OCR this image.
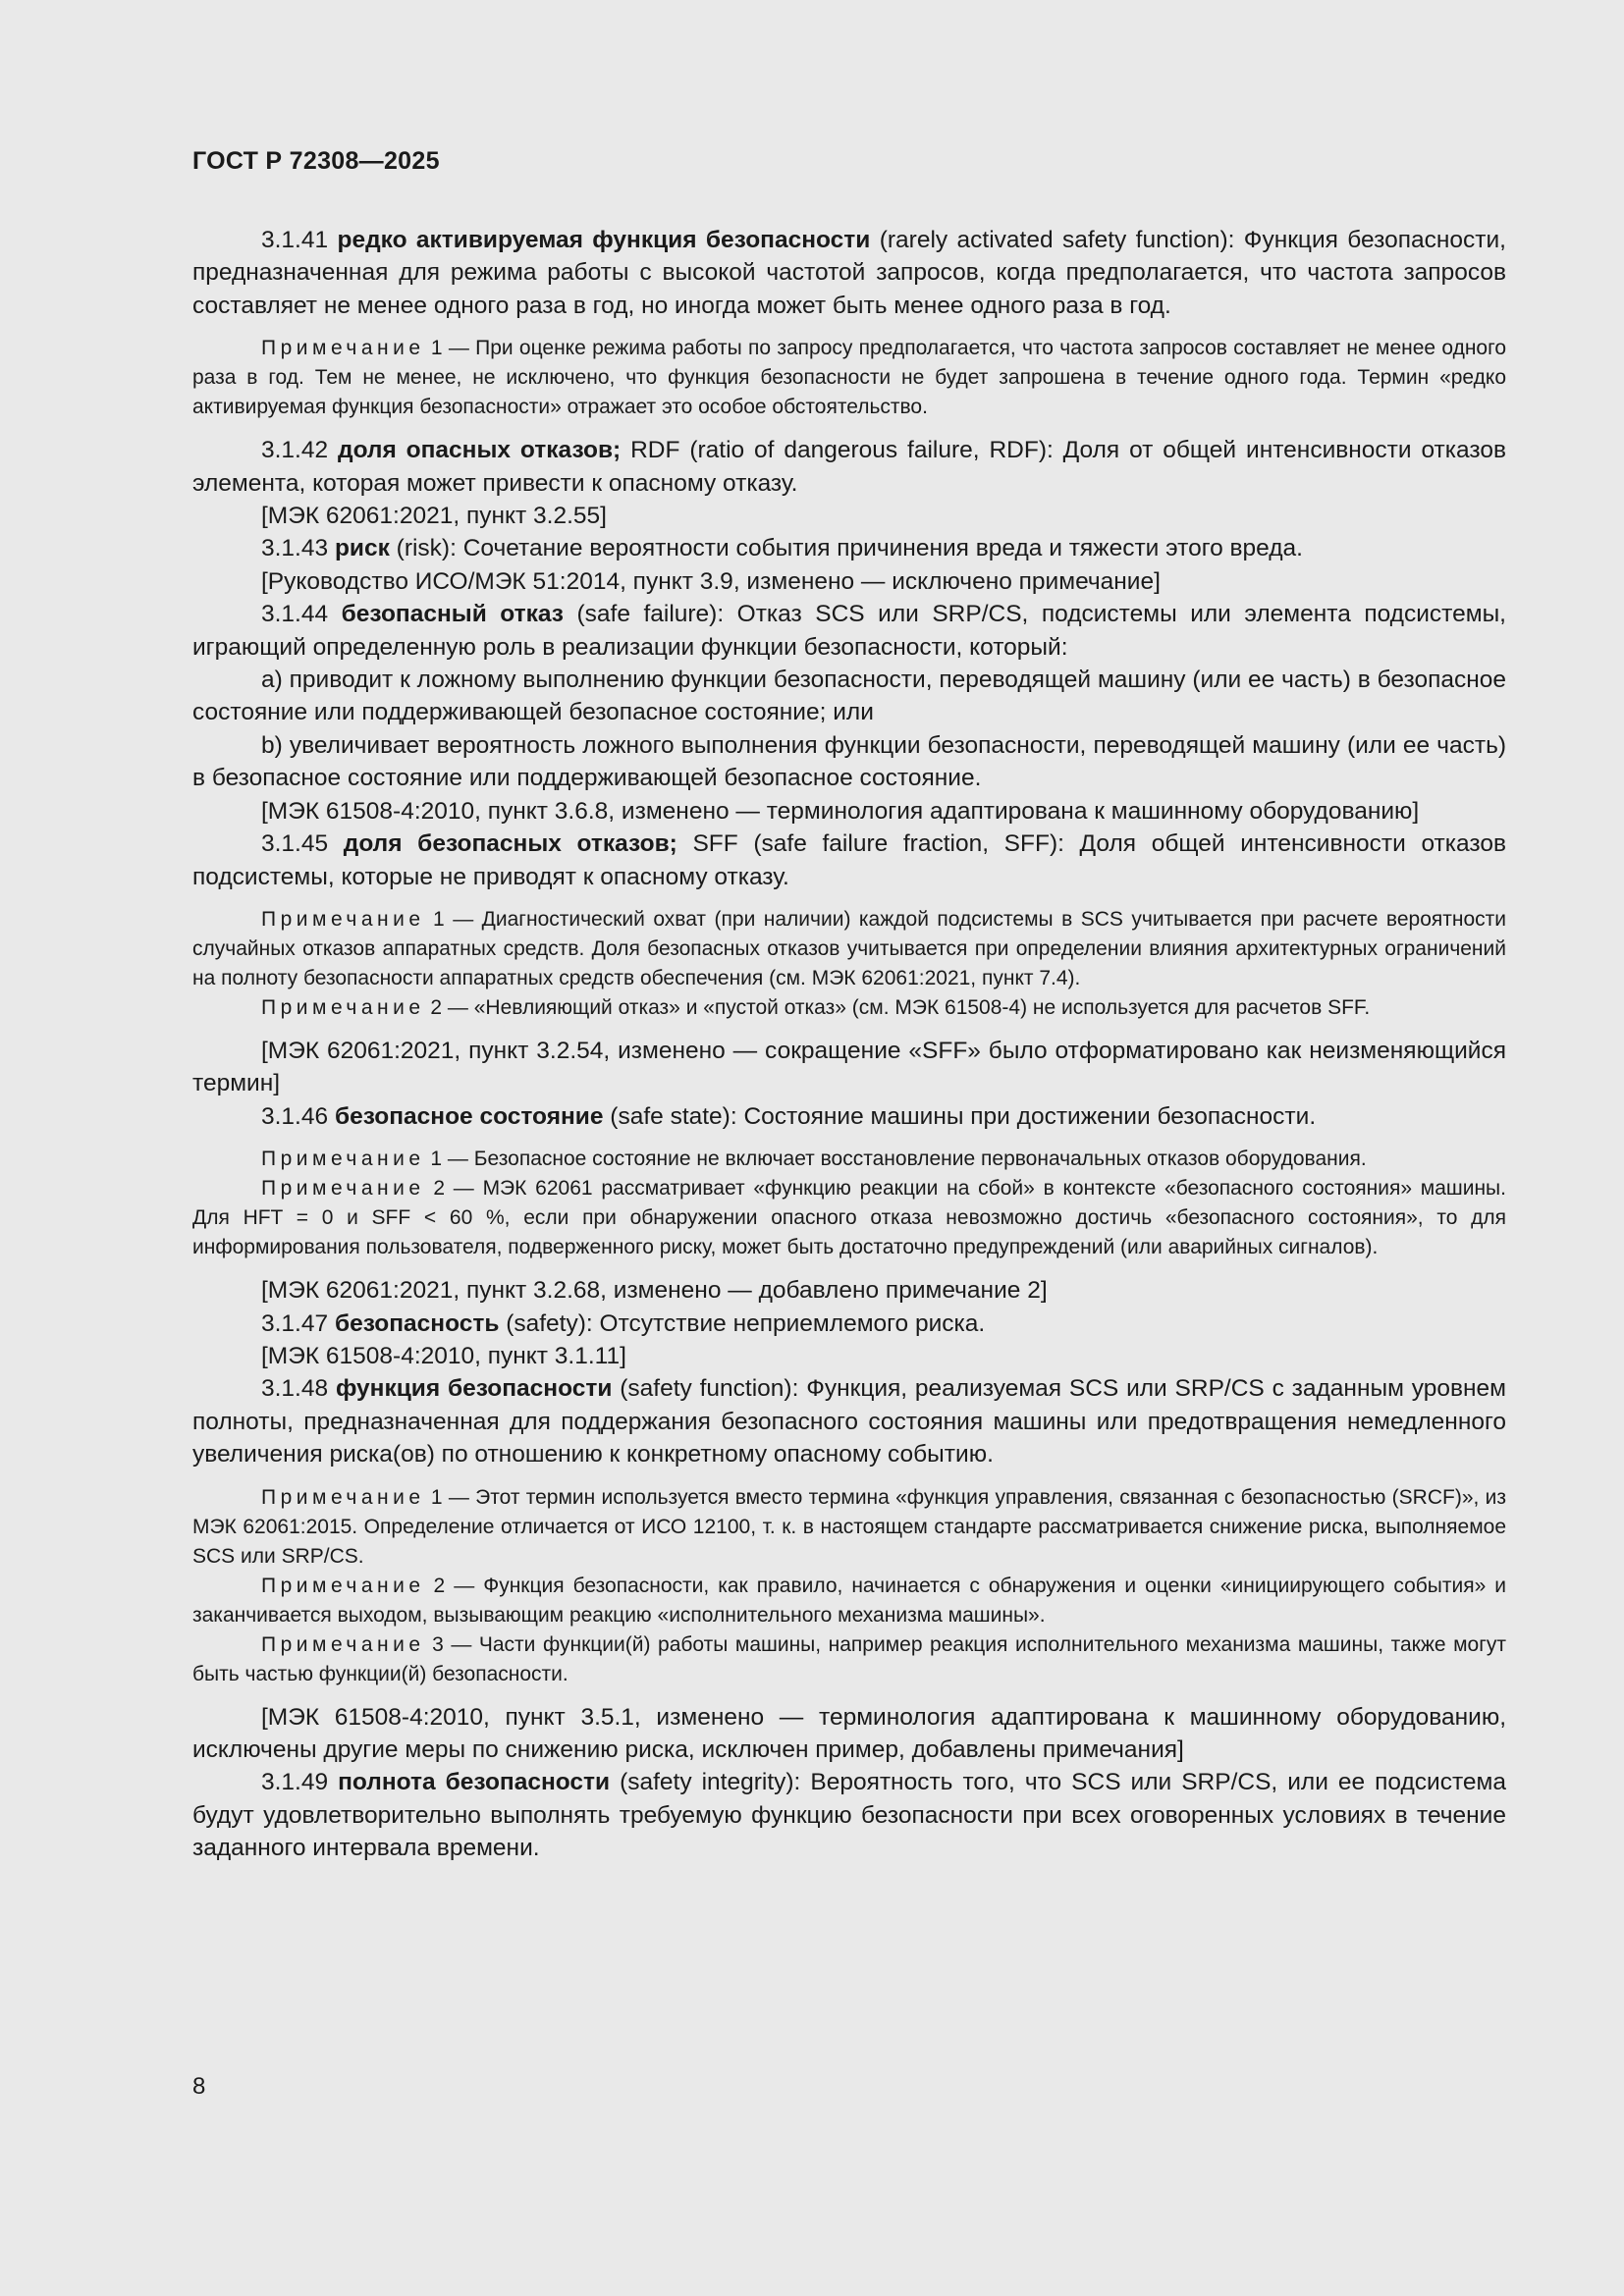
ГОСТ Р 72308—2025

3.1.41 редко активируемая функция безопасности (rarely activated safety function): Функция безопасности, предназначенная для режима работы с высокой частотой запросов, когда предполагается, что частота запросов составляет не менее одного раза в год, но иногда может быть менее одного раза в год.

Примечание 1 — При оценке режима работы по запросу предполагается, что частота запросов составляет не менее одного раза в год. Тем не менее, не исключено, что функция безопасности не будет запрошена в течение одного года. Термин «редко активируемая функция безопасности» отражает это особое обстоятельство.

3.1.42 доля опасных отказов; RDF (ratio of dangerous failure, RDF): Доля от общей интенсивности отказов элемента, которая может привести к опасному отказу.

[МЭК 62061:2021, пункт 3.2.55]

3.1.43 риск (risk): Сочетание вероятности события причинения вреда и тяжести этого вреда.

[Руководство ИСО/МЭК 51:2014, пункт 3.9, изменено — исключено примечание]

3.1.44 безопасный отказ (safe failure): Отказ SCS или SRP/CS, подсистемы или элемента подсистемы, играющий определенную роль в реализации функции безопасности, который:

a) приводит к ложному выполнению функции безопасности, переводящей машину (или ее часть) в безопасное состояние или поддерживающей безопасное состояние; или

b) увеличивает вероятность ложного выполнения функции безопасности, переводящей машину (или ее часть) в безопасное состояние или поддерживающей безопасное состояние.

[МЭК 61508-4:2010, пункт 3.6.8, изменено — терминология адаптирована к машинному оборудованию]

3.1.45 доля безопасных отказов; SFF (safe failure fraction, SFF): Доля общей интенсивности отказов подсистемы, которые не приводят к опасному отказу.

Примечание 1 — Диагностический охват (при наличии) каждой подсистемы в SCS учитывается при расчете вероятности случайных отказов аппаратных средств. Доля безопасных отказов учитывается при определении влияния архитектурных ограничений на полноту безопасности аппаратных средств обеспечения (см. МЭК 62061:2021, пункт 7.4).

Примечание 2 — «Невлияющий отказ» и «пустой отказ» (см. МЭК 61508-4) не используется для расчетов SFF.

[МЭК 62061:2021, пункт 3.2.54, изменено — сокращение «SFF» было отформатировано как неизменяющийся термин]

3.1.46 безопасное состояние (safe state): Состояние машины при достижении безопасности.

Примечание 1 — Безопасное состояние не включает восстановление первоначальных отказов оборудования.

Примечание 2 — МЭК 62061 рассматривает «функцию реакции на сбой» в контексте «безопасного состояния» машины. Для HFT = 0 и SFF < 60 %, если при обнаружении опасного отказа невозможно достичь «безопасного состояния», то для информирования пользователя, подверженного риску, может быть достаточно предупреждений (или аварийных сигналов).

[МЭК 62061:2021, пункт 3.2.68, изменено — добавлено примечание 2]

3.1.47 безопасность (safety): Отсутствие неприемлемого риска.

[МЭК 61508-4:2010, пункт 3.1.11]

3.1.48 функция безопасности (safety function): Функция, реализуемая SCS или SRP/CS с заданным уровнем полноты, предназначенная для поддержания безопасного состояния машины или предотвращения немедленного увеличения риска(ов) по отношению к конкретному опасному событию.

Примечание 1 — Этот термин используется вместо термина «функция управления, связанная с безопасностью (SRCF)», из МЭК 62061:2015. Определение отличается от ИСО 12100, т. к. в настоящем стандарте рассматривается снижение риска, выполняемое SCS или SRP/CS.

Примечание 2 — Функция безопасности, как правило, начинается с обнаружения и оценки «инициирующего события» и заканчивается выходом, вызывающим реакцию «исполнительного механизма машины».

Примечание 3 — Части функции(й) работы машины, например реакция исполнительного механизма машины, также могут быть частью функции(й) безопасности.

[МЭК 61508-4:2010, пункт 3.5.1, изменено — терминология адаптирована к машинному оборудованию, исключены другие меры по снижению риска, исключен пример, добавлены примечания]

3.1.49 полнота безопасности (safety integrity): Вероятность того, что SCS или SRP/CS, или ее подсистема будут удовлетворительно выполнять требуемую функцию безопасности при всех оговоренных условиях в течение заданного интервала времени.

8
